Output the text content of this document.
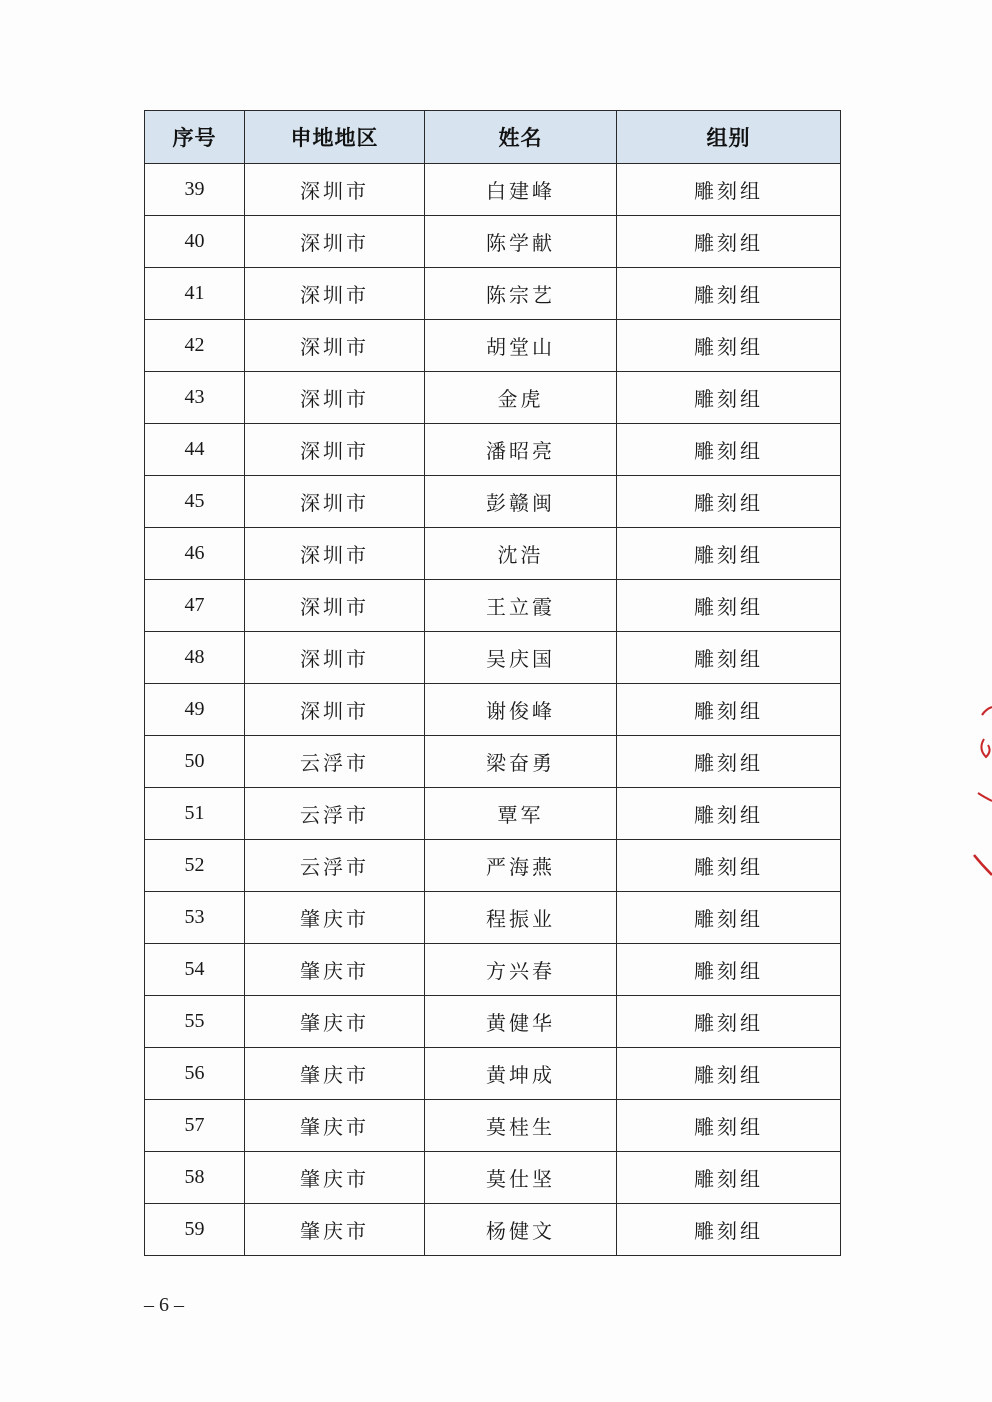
序号	申地地区	姓名	组别
39	深圳市	白建峰	雕刻组
40	深圳市	陈学献	雕刻组
41	深圳市	陈宗艺	雕刻组
42	深圳市	胡堂山	雕刻组
43	深圳市	金虎	雕刻组
44	深圳市	潘昭亮	雕刻组
45	深圳市	彭赣闽	雕刻组
46	深圳市	沈浩	雕刻组
47	深圳市	王立霞	雕刻组
48	深圳市	吴庆国	雕刻组
49	深圳市	谢俊峰	雕刻组
50	云浮市	梁奋勇	雕刻组
51	云浮市	覃军	雕刻组
52	云浮市	严海燕	雕刻组
53	肇庆市	程振业	雕刻组
54	肇庆市	方兴春	雕刻组
55	肇庆市	黄健华	雕刻组
56	肇庆市	黄坤成	雕刻组
57	肇庆市	莫桂生	雕刻组
58	肇庆市	莫仕坚	雕刻组
59	肇庆市	杨健文	雕刻组
– 6 –
